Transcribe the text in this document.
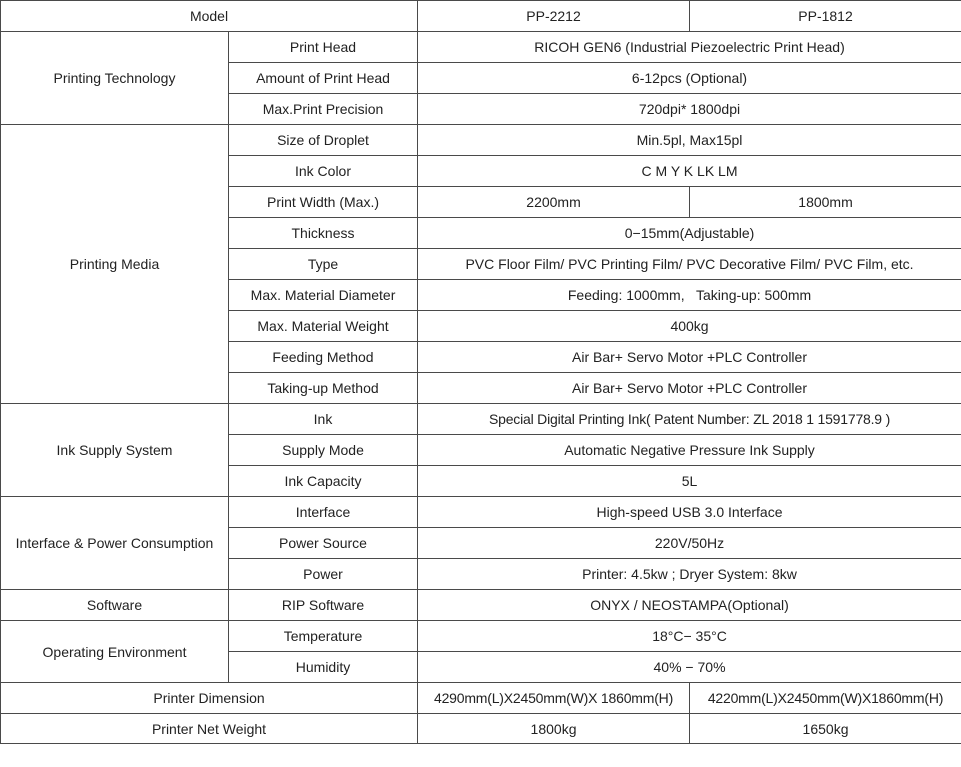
Model		PP-2212	PP-1812
Printing Technology	Print Head	RICOH GEN6 (Industrial Piezoelectric Print Head)	
	Amount of Print Head	6-12pcs (Optional)	
	Max.Print Precision	720dpi* 1800dpi	
Printing Media	Size of Droplet	Min.5pl, Max15pl	
	Ink Color	C M Y K LK LM	
	Print Width (Max.)	2200mm	1800mm
	Thickness	0−15mm(Adjustable)	
	Type	PVC Floor Film/ PVC Printing Film/ PVC Decorative Film/ PVC Film, etc.	
	Max. Material Diameter	Feeding: 1000mm,   Taking-up: 500mm	
	Max. Material Weight	400kg	
	Feeding Method	Air Bar+ Servo Motor +PLC Controller	
	Taking-up Method	Air Bar+ Servo Motor +PLC Controller	
Ink Supply System	Ink	Special Digital Printing Ink( Patent Number: ZL 2018 1 1591778.9 )	
	Supply Mode	Automatic Negative Pressure Ink Supply	
	Ink Capacity	5L	
Interface & Power Consumption	Interface	High-speed USB 3.0 Interface	
	Power Source	220V/50Hz	
	Power	Printer: 4.5kw ; Dryer System: 8kw	
Software	RIP Software	ONYX / NEOSTAMPA(Optional)	
Operating Environment	Temperature	18°C− 35°C	
	Humidity	40% − 70%	
Printer Dimension		4290mm(L)X2450mm(W)X 1860mm(H)	4220mm(L)X2450mm(W)X1860mm(H)
Printer Net Weight		1800kg	1650kg
